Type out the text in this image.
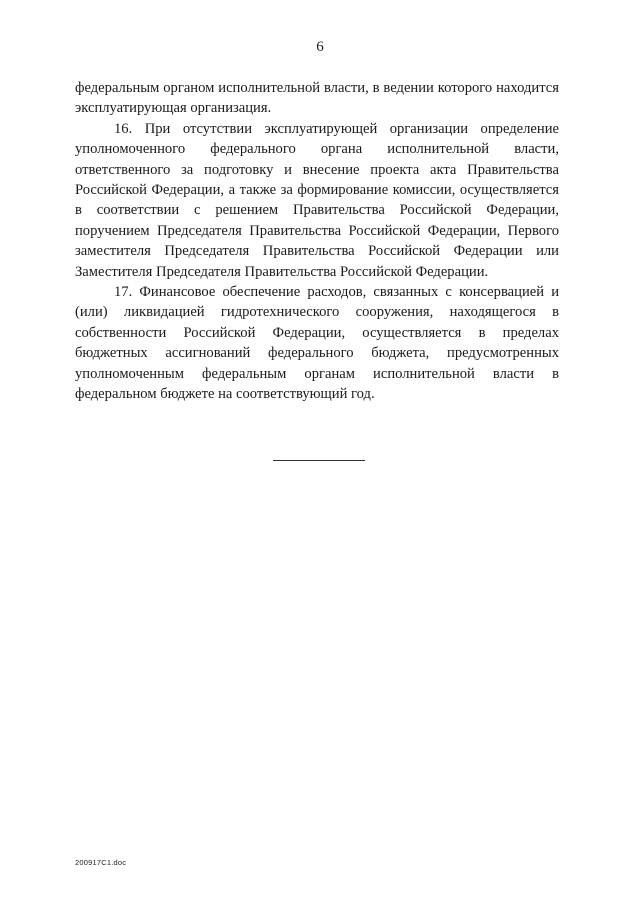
6

федеральным органом исполнительной власти, в ведении которого находится эксплуатирующая организация.

16. При отсутствии эксплуатирующей организации определение уполномоченного федерального органа исполнительной власти, ответственного за подготовку и внесение проекта акта Правительства Российской Федерации, а также за формирование комиссии, осуществляется в соответствии с решением Правительства Российской Федерации, поручением Председателя Правительства Российской Федерации, Первого заместителя Председателя Правительства Российской Федерации или Заместителя Председателя Правительства Российской Федерации.

17. Финансовое обеспечение расходов, связанных с консервацией и (или) ликвидацией гидротехнического сооружения, находящегося в собственности Российской Федерации, осуществляется в пределах бюджетных ассигнований федерального бюджета, предусмотренных уполномоченным федеральным органам исполнительной власти в федеральном бюджете на соответствующий год.

200917С1.doc
